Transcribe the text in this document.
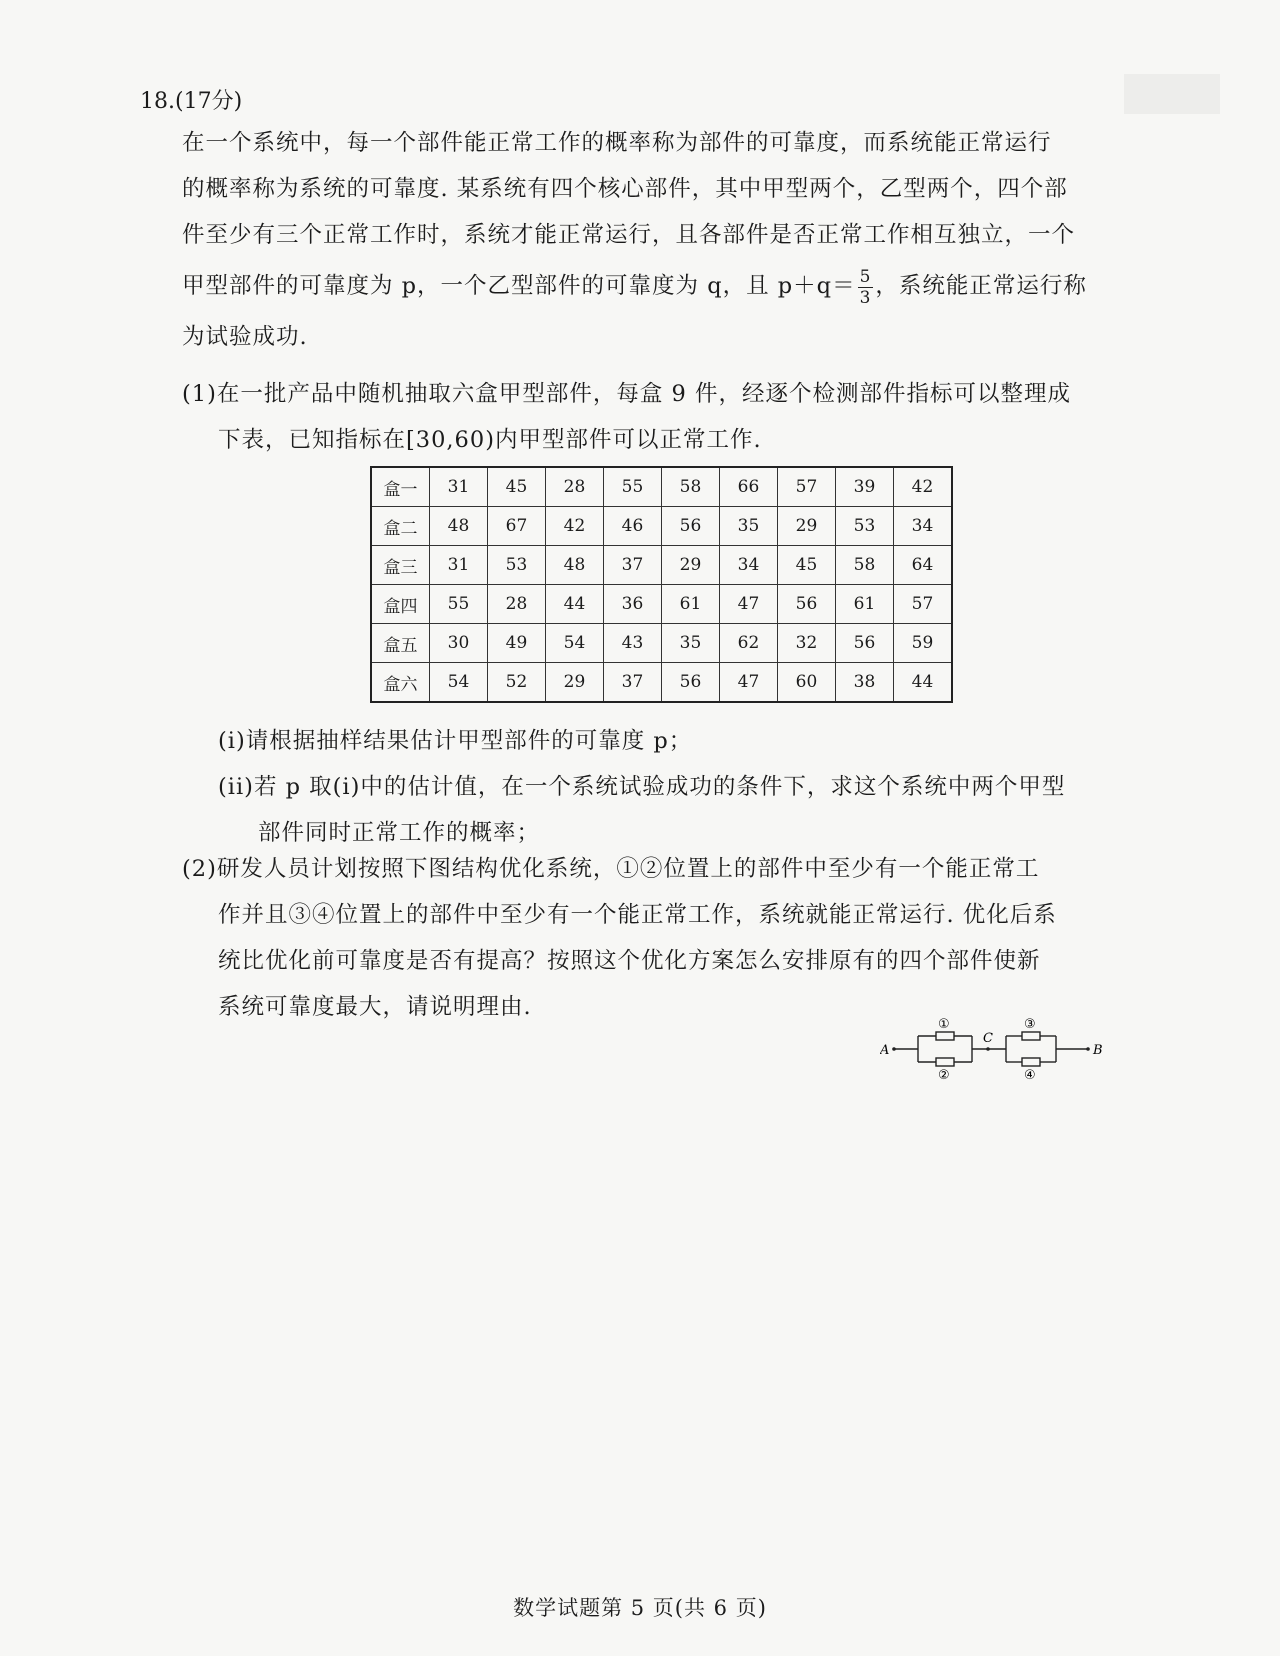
18.(17分)
在一个系统中，每一个部件能正常工作的概率称为部件的可靠度，而系统能正常运行
的概率称为系统的可靠度. 某系统有四个核心部件，其中甲型两个，乙型两个，四个部
件至少有三个正常工作时，系统才能正常运行，且各部件是否正常工作相互独立，一个
甲型部件的可靠度为 p，一个乙型部件的可靠度为 q，且 $p+q= \frac{5}{3}$ ，系统能正常运行称
为试验成功.
(1)在一批产品中随机抽取六盒甲型部件，每盒 9 件，经逐个检测部件指标可以整理成
下表，已知指标在[30,60)内甲型部件可以正常工作.
盒一	31	45	28	55	58	66	57	39	42
盒二	48	67	42	46	56	35	29	53	34
盒三	31	53	48	37	29	34	45	58	64
盒四	55	28	44	36	61	47	56	61	57
盒五	30	49	54	43	35	62	32	56	59
盒六	54	52	29	37	56	47	60	38	44
(i)请根据抽样结果估计甲型部件的可靠度 p；
(ii)若 p 取(i)中的估计值，在一个系统试验成功的条件下，求这个系统中两个甲型
部件同时正常工作的概率；
(2)研发人员计划按照下图结构优化系统，①②位置上的部件中至少有一个能正常工
作并且③④位置上的部件中至少有一个能正常工作，系统就能正常运行. 优化后系
统比优化前可靠度是否有提高？按照这个优化方案怎么安排原有的四个部件使新
系统可靠度最大，请说明理由.
A	B
C
①
②
③
④
数学试题第 5 页(共 6 页)
